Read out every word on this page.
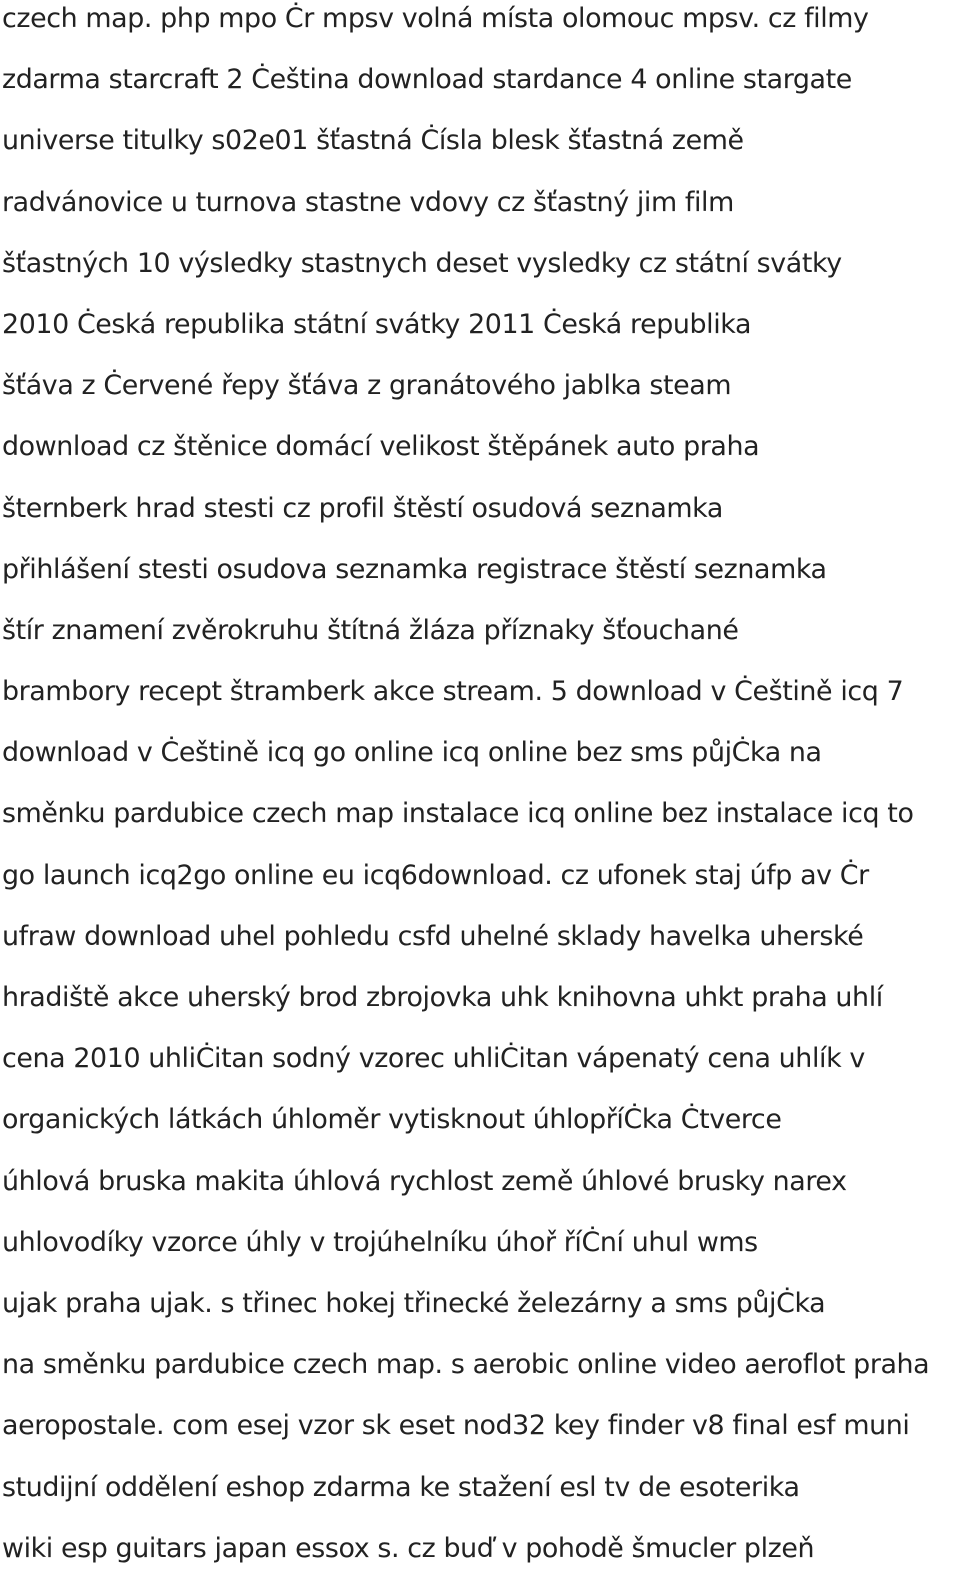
czech map. php mpo Ċr mpsv volná místa olomouc mpsv. cz filmy
zdarma starcraft 2 Ċeština download stardance 4 online stargate
universe titulky s02e01 šťastná Ċísla blesk šťastná země
radvánovice u turnova stastne vdovy cz šťastný jim film
šťastných 10 výsledky stastnych deset vysledky cz státní svátky
2010 Ċeská republika státní svátky 2011 Ċeská republika
šťáva z Ċervené řepy šťáva z granátového jablka steam
download cz štěnice domácí velikost štěpánek auto praha
šternberk hrad stesti cz profil štěstí osudová seznamka
přihlášení stesti osudova seznamka registrace štěstí seznamka
štír znamení zvěrokruhu štítná žláza příznaky šťouchané
brambory recept štramberk akce stream. 5 download v Ċeštině icq 7
download v Ċeštině icq go online icq online bez sms půjĊka na
směnku pardubice czech map instalace icq online bez instalace icq to
go launch icq2go online eu icq6download. cz ufonek staj úfp av Ċr
ufraw download uhel pohledu csfd uhelné sklady havelka uherské
hradiště akce uherský brod zbrojovka uhk knihovna uhkt praha uhlí
cena 2010 uhliĊitan sodný vzorec uhliĊitan vápenatý cena uhlík v
organických látkách úhloměr vytisknout úhlopříĊka Ċtverce
úhlová bruska makita úhlová rychlost země úhlové brusky narex
uhlovodíky vzorce úhly v trojúhelníku úhoř říĊní uhul wms
ujak praha ujak. s třinec hokej třinecké železárny a sms půjĊka
na směnku pardubice czech map. s aerobic online video aeroflot praha
aeropostale. com esej vzor sk eset nod32 key finder v8 final esf muni
studijní oddělení eshop zdarma ke stažení esl tv de esoterika
wiki esp guitars japan essox s. cz buď v pohodě šmucler plzeň
